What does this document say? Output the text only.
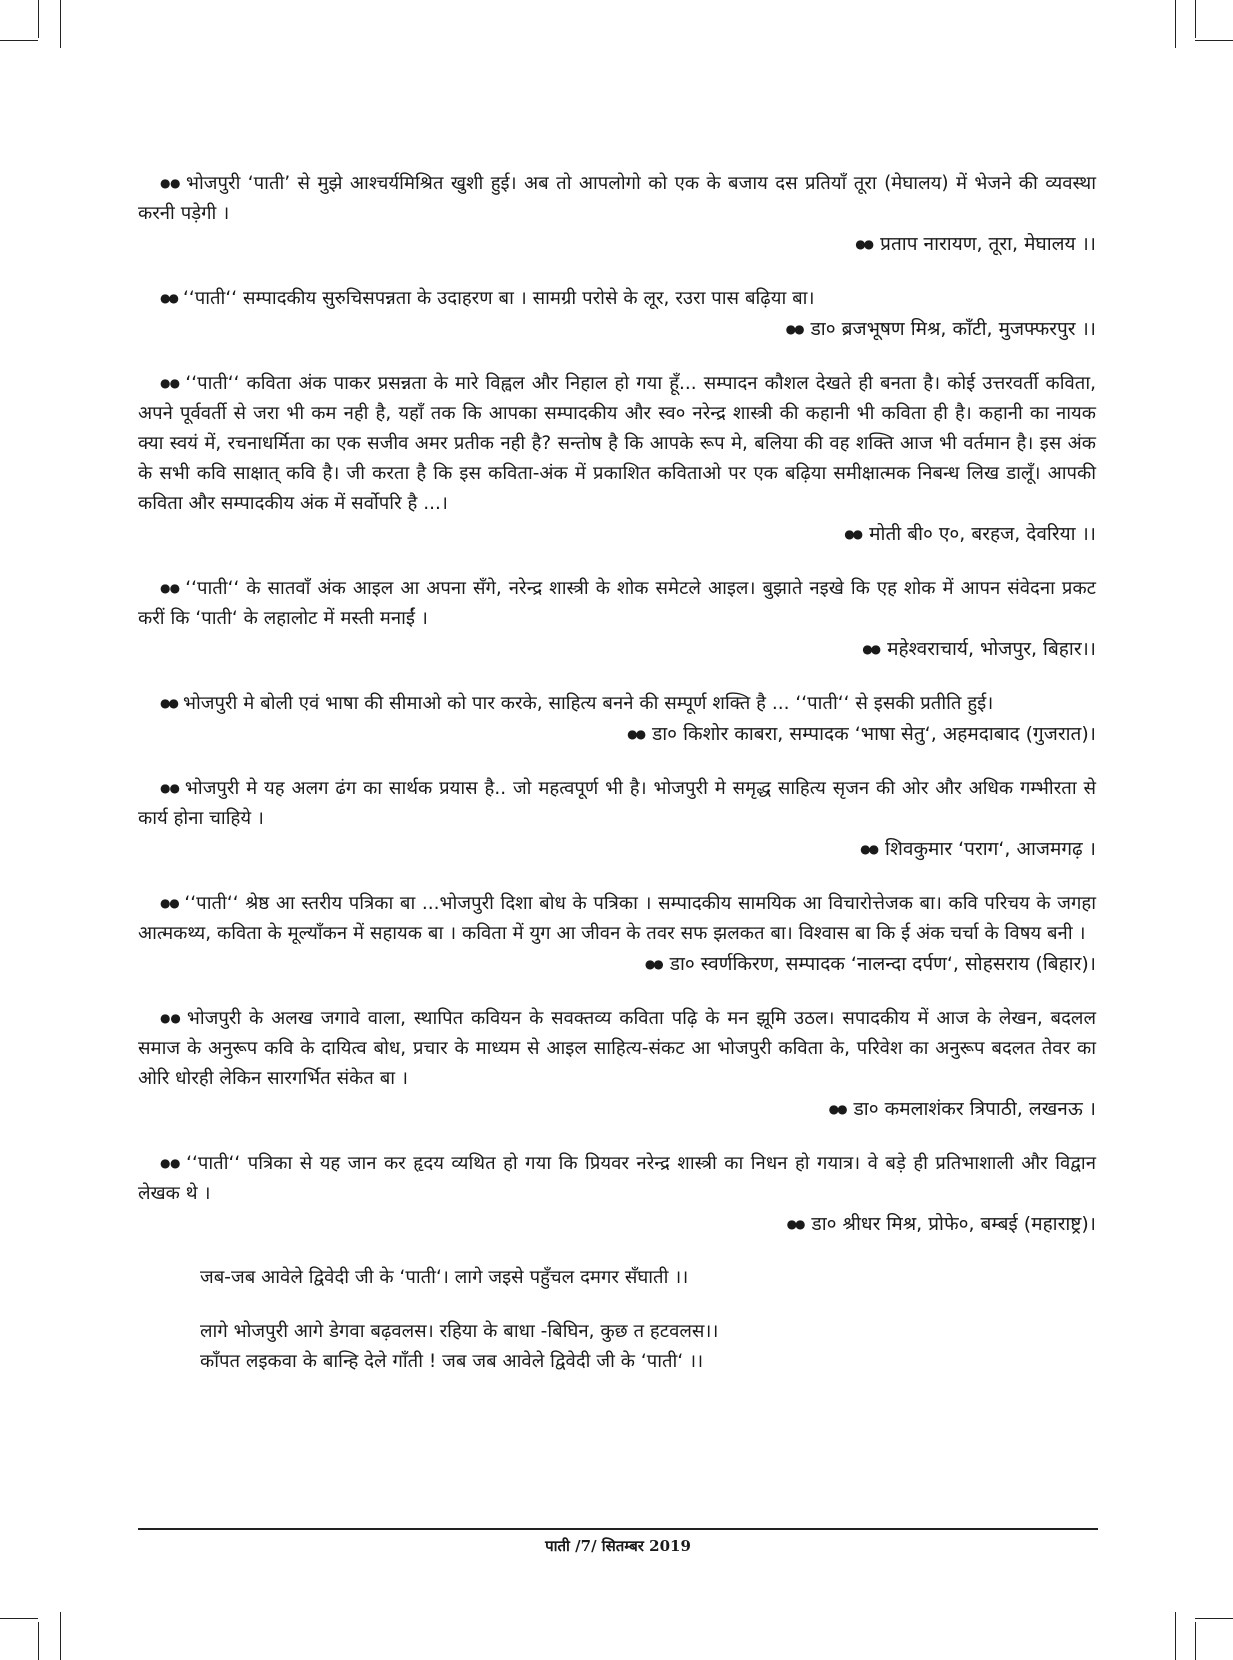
●● भोजपुरी ‘पाती’ से मुझे आश्चर्यमिश्रित खुशी हुई। अब तो आपलोगो को एक के बजाय दस प्रतियाँ तूरा (मेघालय) में भेजने की व्यवस्था करनी पड़ेगी ।

●● प्रताप नारायण, तूरा, मेघालय ।।

●● ‘‘पाती‘‘ सम्पादकीय सुरुचिसपन्नता के उदाहरण बा । सामग्री परोसे के लूर, रउरा पास बढ़िया बा।

●● डा० ब्रजभूषण मिश्र, काँटी, मुजफ्फरपुर ।।

●● ‘‘पाती‘‘ कविता अंक पाकर प्रसन्नता के मारे विह्वल और निहाल हो गया हूँ... सम्पादन कौशल देखते ही बनता है। कोई उत्तरवर्ती कविता, अपने पूर्ववर्ती से जरा भी कम नही है, यहाँ तक कि आपका सम्पादकीय और स्व० नरेन्द्र शास्त्री की कहानी भी कविता ही है। कहानी का नायक क्या स्वयं में, रचनाधर्मिता का एक सजीव अमर प्रतीक नही है? सन्तोष है कि आपके रूप मे, बलिया की वह शक्ति आज भी वर्तमान है। इस अंक के सभी कवि साक्षात् कवि है। जी करता है कि इस कविता-अंक में प्रकाशित कविताओ पर एक बढ़िया समीक्षात्मक निबन्ध लिख डालूँ। आपकी कविता और सम्पादकीय अंक में सर्वोपरि है ...।

●● मोती बी० ए०, बरहज, देवरिया ।।

●● ‘‘पाती‘‘ के सातवाँ अंक आइल आ अपना सँगे, नरेन्द्र शास्त्री के शोक समेटले आइल। बुझाते नइखे कि एह शोक में आपन संवेदना प्रकट करीं कि ‘पाती‘ के लहालोट में मस्ती मनाईं ।

●● महेश्वराचार्य, भोजपुर, बिहार।।

●● भोजपुरी मे बोली एवं भाषा की सीमाओ को पार करके, साहित्य बनने की सम्पूर्ण शक्ति है ... ‘‘पाती‘‘ से इसकी प्रतीति हुई।

●● डा० किशोर काबरा, सम्पादक ‘भाषा सेतु‘, अहमदाबाद (गुजरात)।

●● भोजपुरी मे यह अलग ढंग का सार्थक प्रयास है.. जो महत्वपूर्ण भी है। भोजपुरी मे समृद्ध साहित्य सृजन की ओर और अधिक गम्भीरता से कार्य होना चाहिये ।

●● शिवकुमार ‘पराग‘, आजमगढ़ ।

●● ‘‘पाती‘‘ श्रेष्ठ आ स्तरीय पत्रिका बा ...भोजपुरी दिशा बोध के पत्रिका । सम्पादकीय सामयिक आ विचारोत्तेजक बा। कवि परिचय के जगहा आत्मकथ्य, कविता के मूल्याँकन में सहायक बा । कविता में युग आ जीवन के तवर सफ झलकत बा। विश्वास बा कि ई अंक चर्चा के विषय बनी ।

●● डा० स्वर्णकिरण, सम्पादक ‘नालन्दा दर्पण‘, सोहसराय (बिहार)।

●● भोजपुरी के अलख जगावे वाला, स्थापित कवियन के सवक्तव्य कविता पढ़ि के मन झूमि उठल। सपादकीय में आज के लेखन, बदलल समाज के अनुरूप कवि के दायित्व बोध, प्रचार के माध्यम से आइल साहित्य-संकट आ भोजपुरी कविता के, परिवेश का अनुरूप बदलत तेवर का ओरि धोरही लेकिन सारगर्भित संकेत बा ।

●● डा० कमलाशंकर त्रिपाठी, लखनऊ ।

●● ‘‘पाती‘‘ पत्रिका से यह जान कर हृदय व्यथित हो गया कि प्रियवर नरेन्द्र शास्त्री का निधन हो गयात्र। वे बड़े ही प्रतिभाशाली और विद्वान लेखक थे ।

●● डा० श्रीधर मिश्र, प्रोफे०, बम्बई (महाराष्ट्र)।

जब-जब आवेले द्विवेदी जी के ‘पाती‘। लागे जइसे पहुँचल दमगर सँघाती ।।

लागे भोजपुरी आगे डेगवा बढ़वलस। रहिया के बाधा -बिघिन, कुछ त हटवलस।।

काँपत लइकवा के बान्हि देले गाँती ! जब जब आवेले द्विवेदी जी के ‘पाती‘ ।।

पाती /7/ सितम्बर 2019
